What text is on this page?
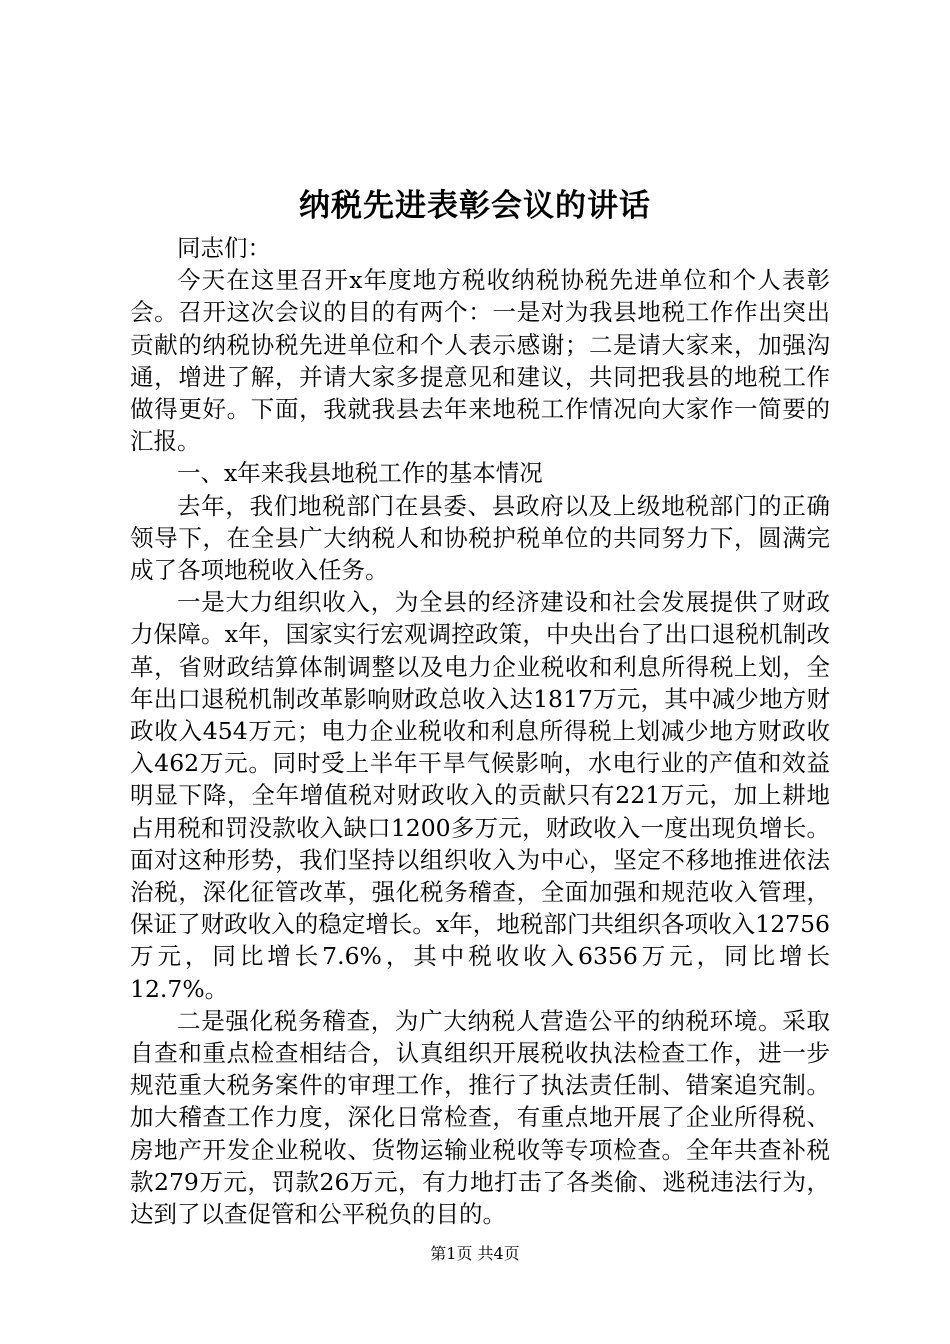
纳税先进表彰会议的讲话

同志们：

今天在这里召开x年度地方税收纳税协税先进单位和个人表彰会。召开这次会议的目的有两个：一是对为我县地税工作作出突出贡献的纳税协税先进单位和个人表示感谢；二是请大家来，加强沟通，增进了解，并请大家多提意见和建议，共同把我县的地税工作做得更好。下面，我就我县去年来地税工作情况向大家作一简要的汇报。

一、x年来我县地税工作的基本情况

去年，我们地税部门在县委、县政府以及上级地税部门的正确领导下，在全县广大纳税人和协税护税单位的共同努力下，圆满完成了各项地税收入任务。

一是大力组织收入，为全县的经济建设和社会发展提供了财政力保障。x年，国家实行宏观调控政策，中央出台了出口退税机制改革，省财政结算体制调整以及电力企业税收和利息所得税上划，全年出口退税机制改革影响财政总收入达1817万元，其中减少地方财政收入454万元；电力企业税收和利息所得税上划减少地方财政收入462万元。同时受上半年干旱气候影响，水电行业的产值和效益明显下降，全年增值税对财政收入的贡献只有221万元，加上耕地占用税和罚没款收入缺口1200多万元，财政收入一度出现负增长。面对这种形势，我们坚持以组织收入为中心，坚定不移地推进依法治税，深化征管改革，强化税务稽查，全面加强和规范收入管理，保证了财政收入的稳定增长。x年，地税部门共组织各项收入12756万元，同比增长7.6%，其中税收收入6356万元，同比增长12.7%。

二是强化税务稽查，为广大纳税人营造公平的纳税环境。采取自查和重点检查相结合，认真组织开展税收执法检查工作，进一步规范重大税务案件的审理工作，推行了执法责任制、错案追究制。加大稽查工作力度，深化日常检查，有重点地开展了企业所得税、房地产开发企业税收、货物运输业税收等专项检查。全年共查补税款279万元，罚款26万元，有力地打击了各类偷、逃税违法行为，达到了以查促管和公平税负的目的。

第1页 共4页
